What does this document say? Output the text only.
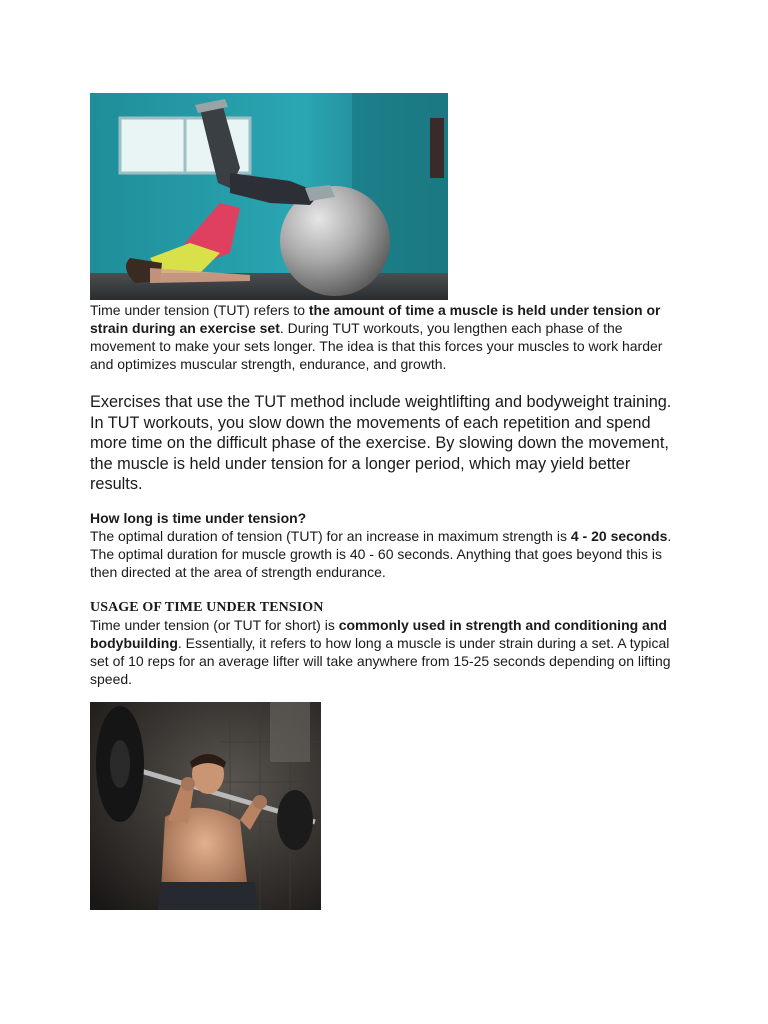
Time under tension (TUT) refers to the amount of time a muscle is held under tension or strain during an exercise set. During TUT workouts, you lengthen each phase of the movement to make your sets longer. The idea is that this forces your muscles to work harder and optimizes muscular strength, endurance, and growth.

Exercises that use the TUT method include weightlifting and bodyweight training. In TUT workouts, you slow down the movements of each repetition and spend more time on the difficult phase of the exercise. By slowing down the movement, the muscle is held under tension for a longer period, which may yield better results.

How long is time under tension?

The optimal duration of tension (TUT) for an increase in maximum strength is 4 - 20 seconds. The optimal duration for muscle growth is 40 - 60 seconds. Anything that goes beyond this is then directed at the area of strength endurance.

USAGE OF TIME UNDER TENSION

Time under tension (or TUT for short) is commonly used in strength and conditioning and bodybuilding. Essentially, it refers to how long a muscle is under strain during a set. A typical set of 10 reps for an average lifter will take anywhere from 15-25 seconds depending on lifting speed.
